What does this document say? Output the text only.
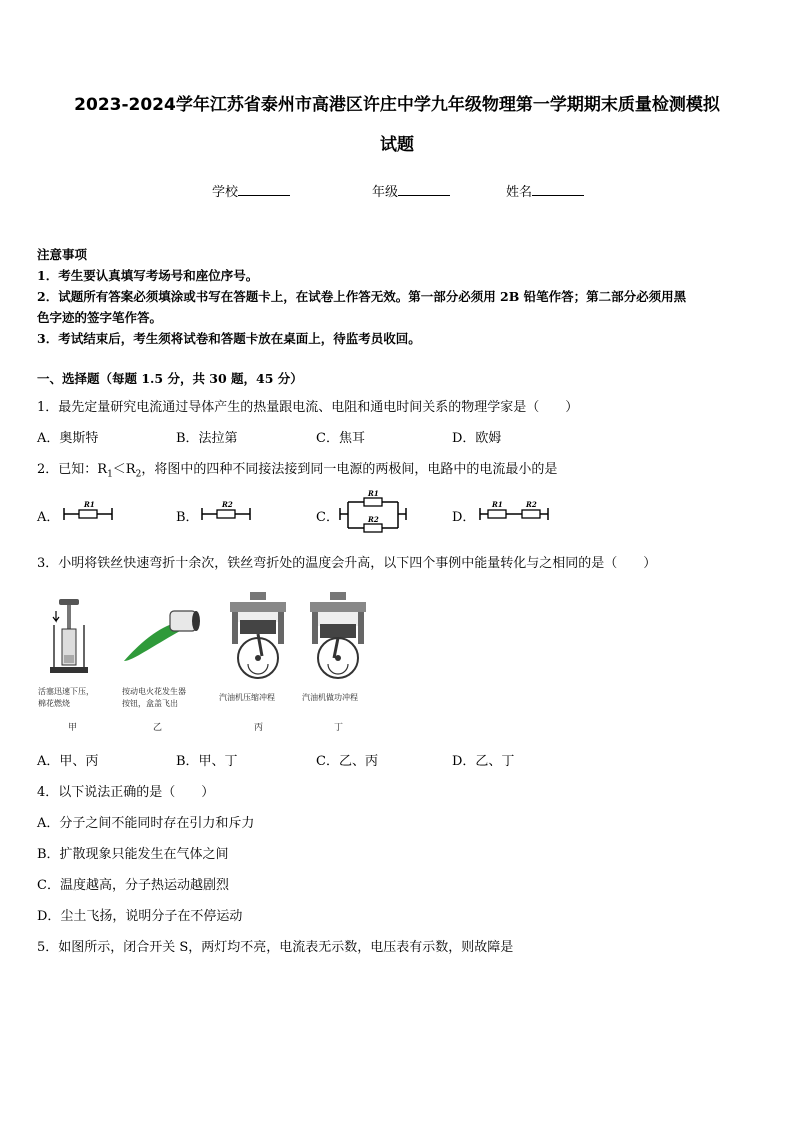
2023-2024学年江苏省泰州市高港区许庄中学九年级物理第一学期期末质量检测模拟
试题
学校	年级	姓名
注意事项
1．考生要认真填写考场号和座位序号。
2．试题所有答案必须填涂或书写在答题卡上，在试卷上作答无效。第一部分必须用 2B 铅笔作答；第二部分必须用黑
色字迹的签字笔作答。
3．考试结束后，考生须将试卷和答题卡放在桌面上，待监考员收回。
一、选择题（每题 1.5 分，共 30 题，45 分）
1．最先定量研究电流通过导体产生的热量跟电流、电阻和通电时间关系的物理学家是（　　）
A．奥斯特	B．法拉第	C．焦耳	D．欧姆
2．已知：$R_1<R_2$，将图中的四种不同接法接到同一电源的两极间，电路中的电流最小的是
A．	B．	C．	D．
R1	R2
R1
R2
R1	R2
3．小明将铁丝快速弯折十余次，铁丝弯折处的温度会升高，以下四个事例中能量转化与之相同的是（　　）
活塞迅速下压，
棉花燃烧
甲
按动电火花发生器
按钮，盒盖飞出
乙
汽油机压缩冲程
丙
汽油机做功冲程
丁
A．甲、丙	B．甲、丁	C．乙、丙	D．乙、丁
4．以下说法正确的是（　　）
A．分子之间不能同时存在引力和斥力
B．扩散现象只能发生在气体之间
C．温度越高，分子热运动越剧烈
D．尘土飞扬，说明分子在不停运动
5．如图所示，闭合开关 S，两灯均不亮，电流表无示数，电压表有示数，则故障是
